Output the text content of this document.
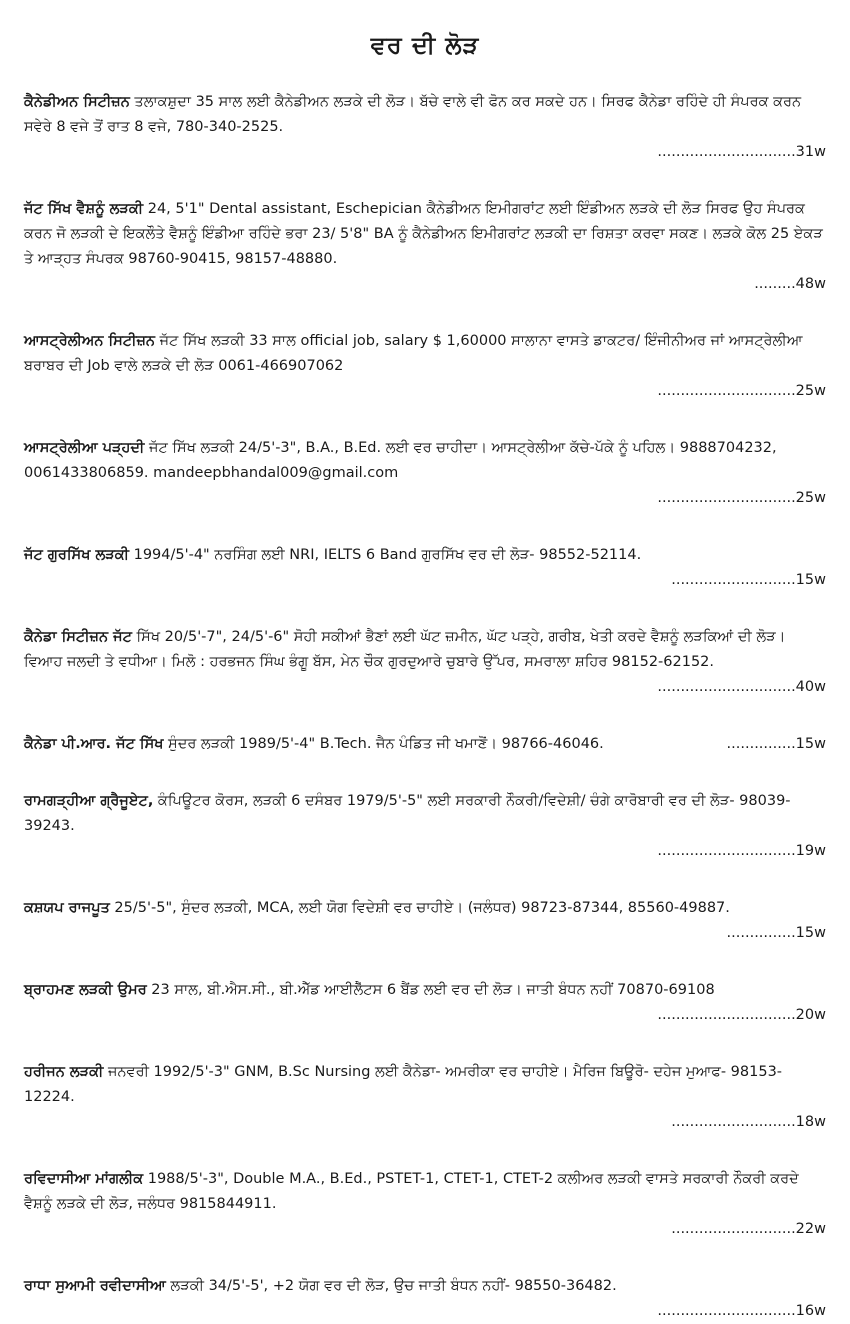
ਵਰ ਦੀ ਲੋੜ
ਕੈਨੇਡੀਅਨ ਸਿਟੀਜ਼ਨ ਤਲਾਕਸ਼ੁਦਾ 35 ਸਾਲ ਲਈ ਕੈਨੇਡੀਅਨ ਲੜਕੇ ਦੀ ਲੋੜ। ਬੱਚੇ ਵਾਲੇ ਵੀ ਫੋਨ ਕਰ ਸਕਦੇ ਹਨ। ਸਿਰਫ ਕੈਨੇਡਾ ਰਹਿੰਦੇ ਹੀ ਸੰਪਰਕ ਕਰਨ ਸਵੇਰੇ 8 ਵਜੇ ਤੋਂ ਰਾਤ 8 ਵਜੇ, 780-340-2525.
..............................31w
ਜੱਟ ਸਿੱਖ ਵੈਸ਼ਨੂੰ ਲੜਕੀ 24, 5'1" Dental assistant, Eschepician ਕੈਨੇਡੀਅਨ ਇਮੀਗਰਾਂਟ ਲਈ ਇੰਡੀਅਨ ਲੜਕੇ ਦੀ ਲੋੜ ਸਿਰਫ ਉਹ ਸੰਪਰਕ ਕਰਨ ਜੋ ਲੜਕੀ ਦੇ ਇਕਲੌਤੇ ਵੈਸ਼ਨੂੰ ਇੰਡੀਆ ਰਹਿੰਦੇ ਭਰਾ 23/ 5'8" BA ਨੂੰ ਕੈਨੇਡੀਅਨ ਇਮੀਗਰਾਂਟ ਲੜਕੀ ਦਾ ਰਿਸ਼ਤਾ ਕਰਵਾ ਸਕਣ। ਲੜਕੇ ਕੋਲ 25 ਏਕੜ ਤੇ ਆੜ੍ਹਤ ਸੰਪਰਕ 98760-90415, 98157-48880.
.........48w
ਆਸਟ੍ਰੇਲੀਅਨ ਸਿਟੀਜ਼ਨ ਜੱਟ ਸਿੱਖ ਲੜਕੀ 33 ਸਾਲ official job, salary $ 1,60000 ਸਾਲਾਨਾ ਵਾਸਤੇ ਡਾਕਟਰ/ ਇੰਜੀਨੀਅਰ ਜਾਂ ਆਸਟ੍ਰੇਲੀਆ ਬਰਾਬਰ ਦੀ Job ਵਾਲੇ ਲੜਕੇ ਦੀ ਲੋੜ 0061-466907062
..............................25w
ਆਸਟ੍ਰੇਲੀਆ ਪੜ੍ਹਦੀ ਜੱਟ ਸਿੱਖ ਲੜਕੀ 24/5'-3", B.A., B.Ed. ਲਈ ਵਰ ਚਾਹੀਦਾ। ਆਸਟ੍ਰੇਲੀਆ ਕੱਚੇ-ਪੱਕੇ ਨੂੰ ਪਹਿਲ। 9888704232, 0061433806859. mandeepbhandal009@gmail.com
..............................25w
ਜੱਟ ਗੁਰਸਿੱਖ ਲੜਕੀ 1994/5'-4" ਨਰਸਿੰਗ ਲਈ NRI, IELTS 6 Band ਗੁਰਸਿੱਖ ਵਰ ਦੀ ਲੋੜ- 98552-52114.
...........................15w
ਕੈਨੇਡਾ ਸਿਟੀਜ਼ਨ ਜੱਟ ਸਿੱਖ 20/5'-7", 24/5'-6" ਸੋਹੀ ਸਕੀਆਂ ਭੈਣਾਂ ਲਈ ਘੱਟ ਜ਼ਮੀਨ, ਘੱਟ ਪੜ੍ਹੇ, ਗਰੀਬ, ਖੇਤੀ ਕਰਦੇ ਵੈਸ਼ਨੂੰ ਲੜਕਿਆਂ ਦੀ ਲੋੜ। ਵਿਆਹ ਜਲਦੀ ਤੇ ਵਧੀਆ। ਮਿਲੋ : ਹਰਭਜਨ ਸਿੰਘ ਭੰਗੂ ਬੱਸ, ਮੇਨ ਚੌਕ ਗੁਰਦੁਆਰੇ ਚੁਬਾਰੇ ਉੱਪਰ, ਸਮਰਾਲਾ ਸ਼ਹਿਰ 98152-62152.
..............................40w
...............15w
ਕੈਨੇਡਾ ਪੀ.ਆਰ. ਜੱਟ ਸਿੱਖ ਸੁੰਦਰ ਲੜਕੀ 1989/5'-4" B.Tech. ਜੈਨ ਪੰਡਿਤ ਜੀ ਖਮਾਣੋਂ। 98766-46046.
ਰਾਮਗੜ੍ਹੀਆ ਗ੍ਰੈਜੂਏਟ, ਕੰਪਿਊਟਰ ਕੋਰਸ, ਲੜਕੀ 6 ਦਸੰਬਰ 1979/5'-5" ਲਈ ਸਰਕਾਰੀ ਨੌਕਰੀ/ਵਿਦੇਸ਼ੀ/ ਚੰਗੇ ਕਾਰੋਬਾਰੀ ਵਰ ਦੀ ਲੋੜ- 98039-39243.
..............................19w
ਕਸ਼ਯਪ ਰਾਜਪੂਤ 25/5'-5", ਸੁੰਦਰ ਲੜਕੀ, MCA, ਲਈ ਯੋਗ ਵਿਦੇਸ਼ੀ ਵਰ ਚਾਹੀਏ। (ਜਲੰਧਰ) 98723-87344, 85560-49887.
...............15w
ਬ੍ਰਾਹਮਣ ਲੜਕੀ ਉਮਰ 23 ਸਾਲ, ਬੀ.ਐਸ.ਸੀ., ਬੀ.ਐੱਡ ਆਈਲੈੱਟਸ 6 ਬੈਂਡ ਲਈ ਵਰ ਦੀ ਲੋੜ। ਜਾਤੀ ਬੰਧਨ ਨਹੀਂ 70870-69108
..............................20w
ਹਰੀਜਨ ਲੜਕੀ ਜਨਵਰੀ 1992/5'-3" GNM, B.Sc Nursing ਲਈ ਕੈਨੇਡਾ- ਅਮਰੀਕਾ ਵਰ ਚਾਹੀਏ। ਮੈਰਿਜ ਬਿਊਰੋ- ਦਹੇਜ ਮੁਆਫ- 98153-12224.
...........................18w
ਰਵਿਦਾਸੀਆ ਮਾਂਗਲੀਕ 1988/5'-3", Double M.A., B.Ed., PSTET-1, CTET-1, CTET-2 ਕਲੀਅਰ ਲੜਕੀ ਵਾਸਤੇ ਸਰਕਾਰੀ ਨੌਕਰੀ ਕਰਦੇ ਵੈਸ਼ਨੂੰ ਲੜਕੇ ਦੀ ਲੋੜ, ਜਲੰਧਰ 9815844911.
...........................22w
ਰਾਧਾ ਸੁਆਮੀ ਰਵੀਦਾਸੀਆ ਲੜਕੀ 34/5'-5', +2 ਯੋਗ ਵਰ ਦੀ ਲੋੜ, ਉਚ ਜਾਤੀ ਬੰਧਨ ਨਹੀਂ- 98550-36482.
..............................16w
